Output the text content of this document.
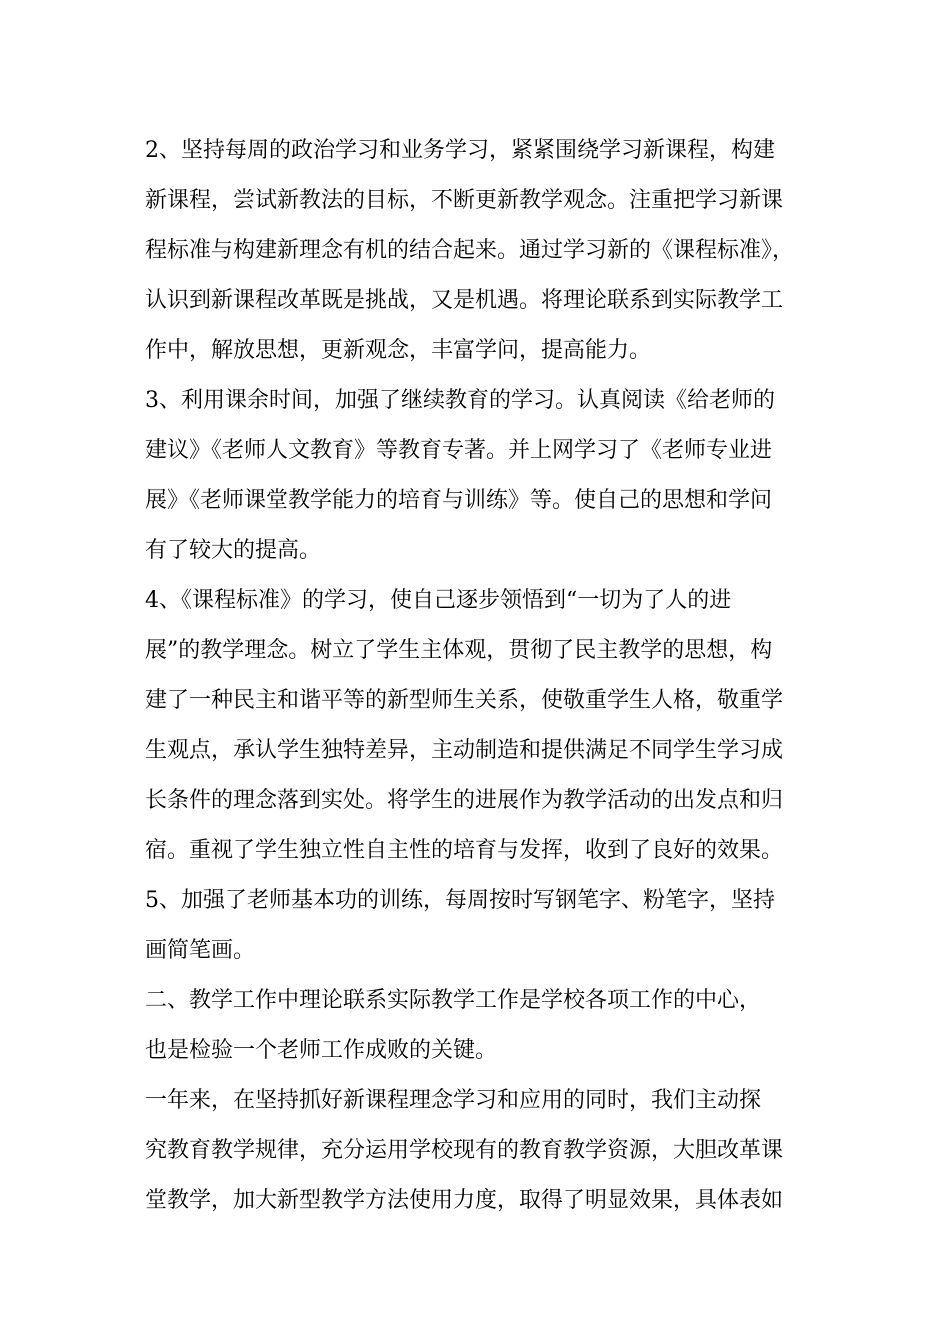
2、坚持每周的政治学习和业务学习，紧紧围绕学习新课程，构建
新课程，尝试新教法的目标，不断更新教学观念。注重把学习新课
程标准与构建新理念有机的结合起来。通过学习新的《课程标准》，
认识到新课程改革既是挑战，又是机遇。将理论联系到实际教学工
作中，解放思想，更新观念，丰富学问，提高能力。
3、利用课余时间，加强了继续教育的学习。认真阅读《给老师的
建议》《老师人文教育》等教育专著。并上网学习了《老师专业进
展》《老师课堂教学能力的培育与训练》等。使自己的思想和学问
有了较大的提高。
4、《课程标准》的学习，使自己逐步领悟到“一切为了人的进
展”的教学理念。树立了学生主体观，贯彻了民主教学的思想，构
建了一种民主和谐平等的新型师生关系，使敬重学生人格，敬重学
生观点，承认学生独特差异，主动制造和提供满足不同学生学习成
长条件的理念落到实处。将学生的进展作为教学活动的出发点和归
宿。重视了学生独立性自主性的培育与发挥，收到了良好的效果。
5、加强了老师基本功的训练，每周按时写钢笔字、粉笔字，坚持
画简笔画。
二、教学工作中理论联系实际教学工作是学校各项工作的中心，
也是检验一个老师工作成败的关键。
一年来，在坚持抓好新课程理念学习和应用的同时，我们主动探
究教育教学规律，充分运用学校现有的教育教学资源，大胆改革课
堂教学，加大新型教学方法使用力度，取得了明显效果，具体表如
